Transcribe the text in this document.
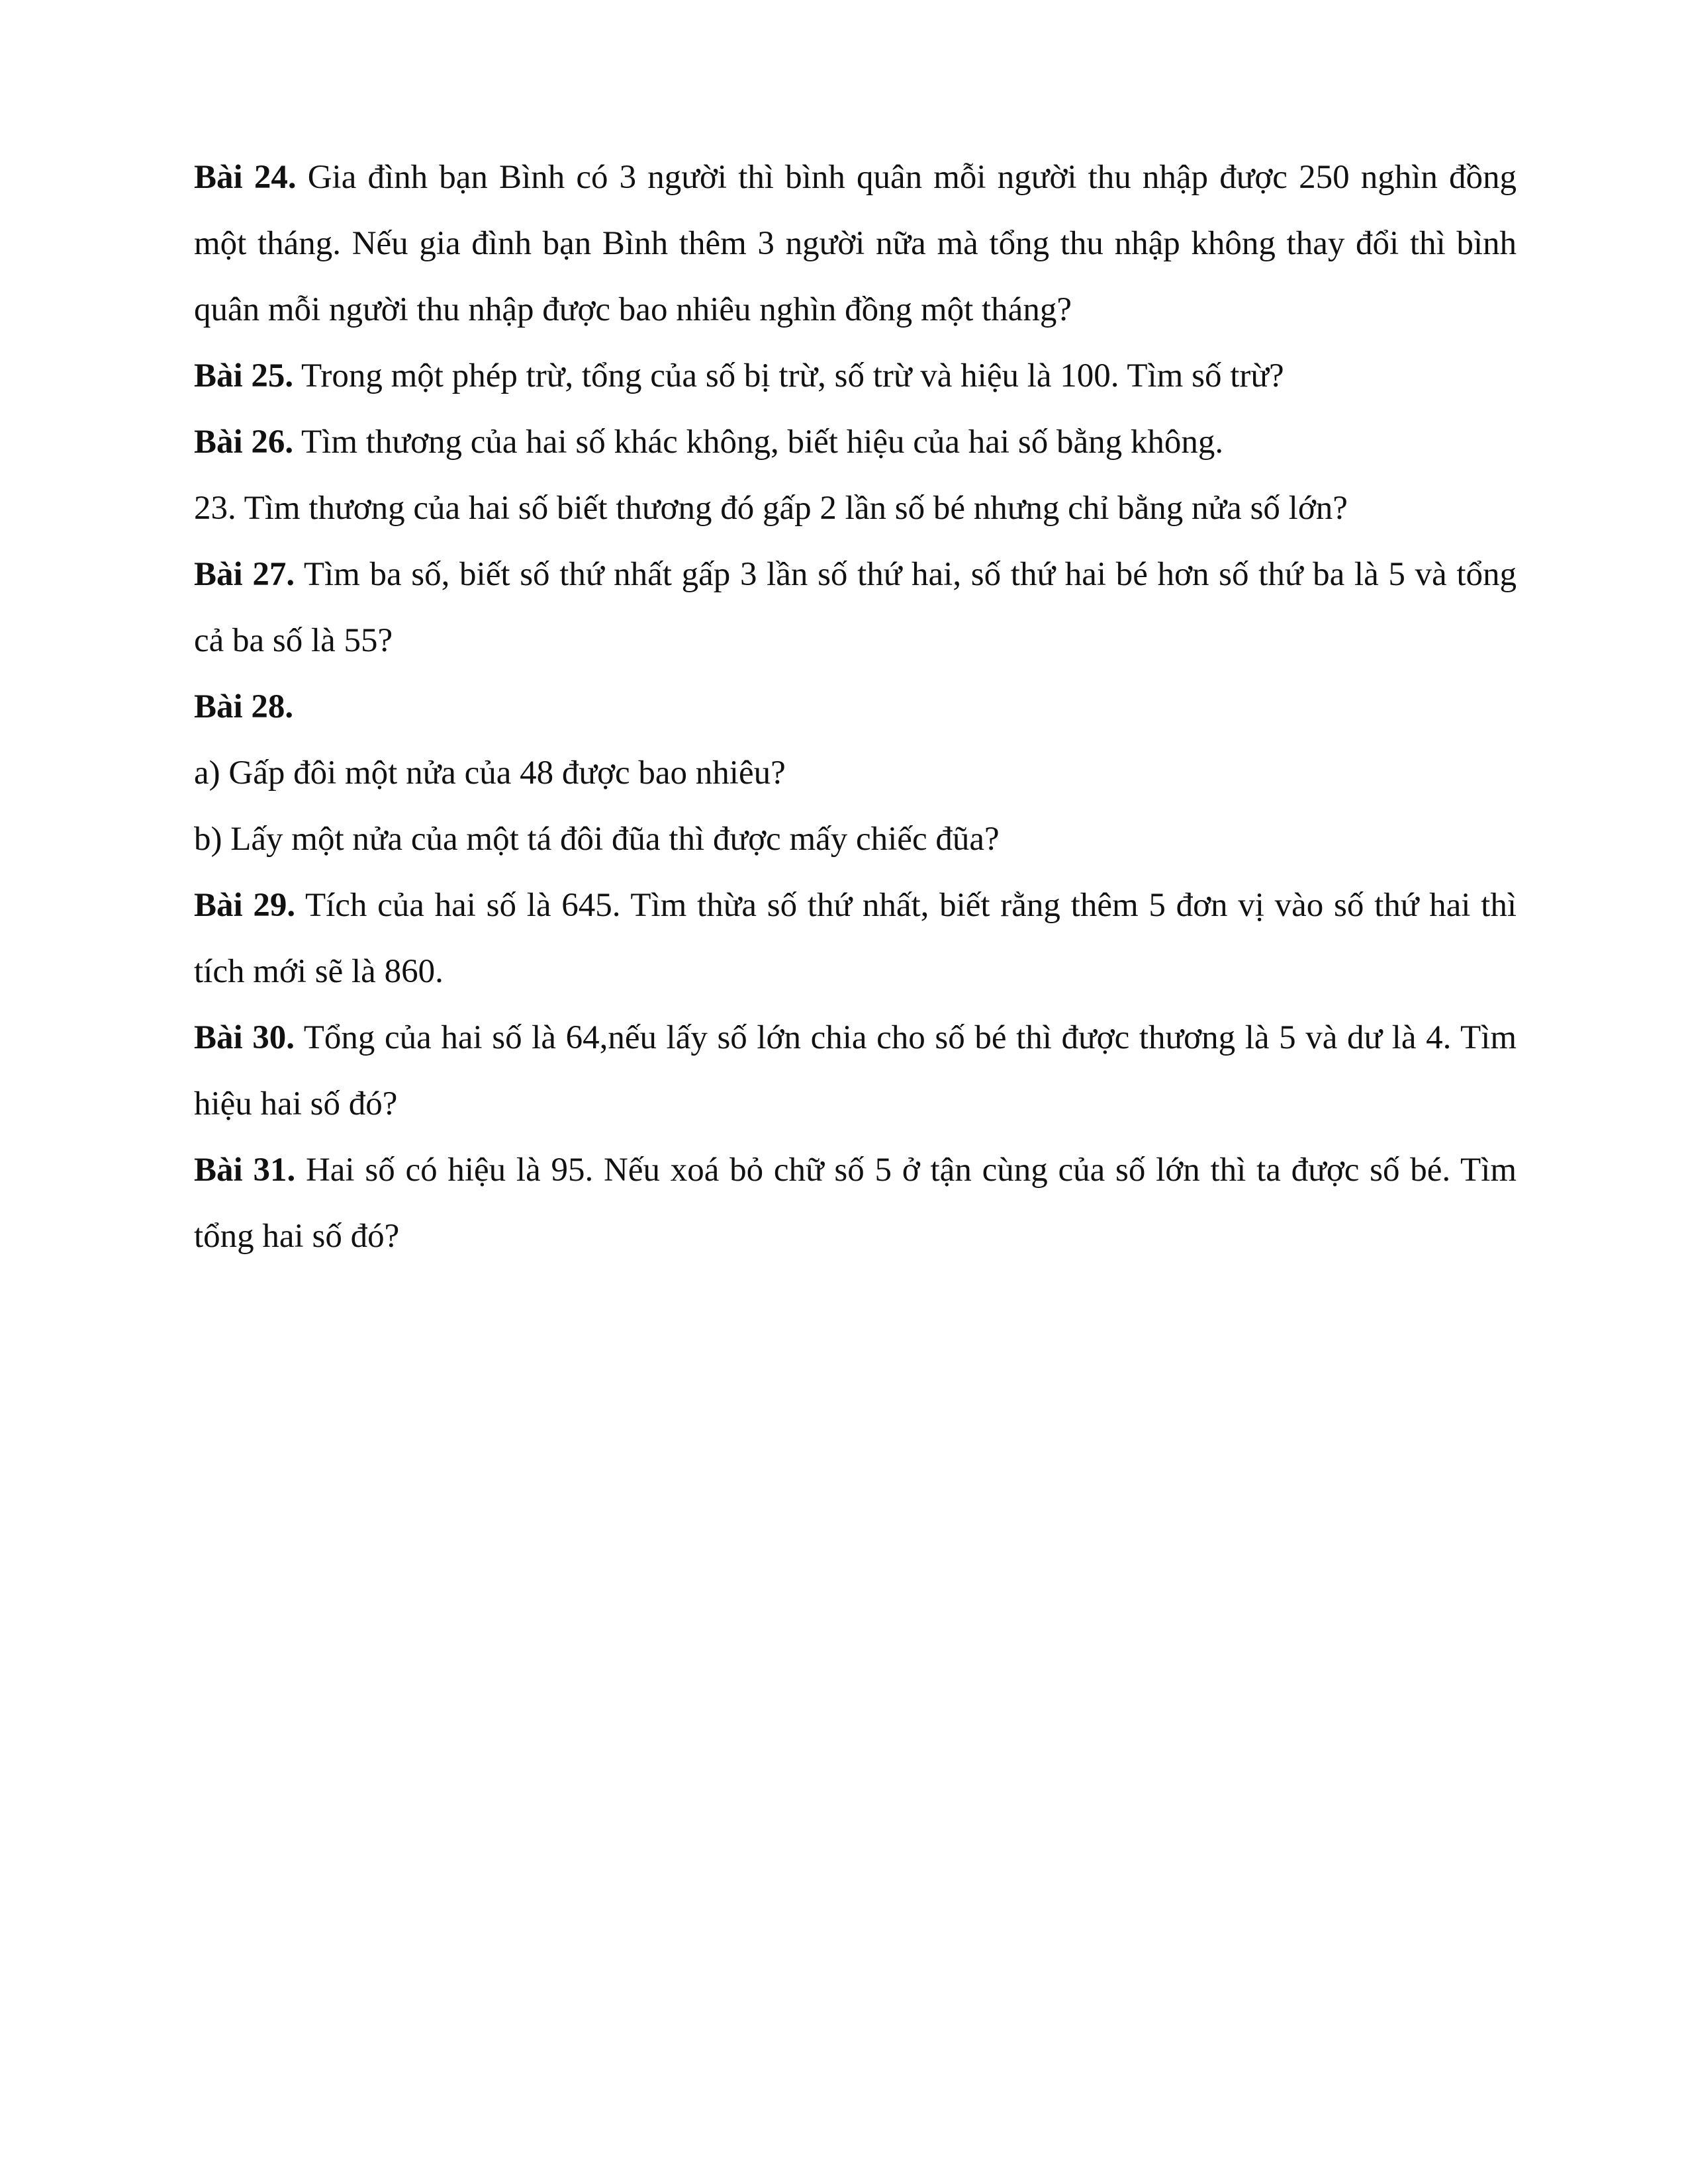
Bài 24. Gia đình bạn Bình có 3 người thì bình quân mỗi người thu nhập được 250 nghìn đồng một tháng. Nếu gia đình bạn Bình thêm 3 người nữa mà tổng thu nhập không thay đổi thì bình quân mỗi người thu nhập được bao nhiêu nghìn đồng một tháng?

Bài 25. Trong một phép trừ, tổng của số bị trừ, số trừ và hiệu là 100. Tìm số trừ?

Bài 26. Tìm thương của hai số khác không, biết hiệu của hai số bằng không.

23. Tìm thương của hai số biết thương đó gấp 2 lần số bé nhưng chỉ bằng nửa số lớn?

Bài 27. Tìm ba số, biết số thứ nhất gấp 3 lần số thứ hai, số thứ hai bé hơn số thứ ba là 5 và tổng cả ba số là 55?

Bài 28.

a) Gấp đôi một nửa của 48 được bao nhiêu?

b) Lấy một nửa của một tá đôi đũa thì được mấy chiếc đũa?

Bài 29. Tích của hai số là 645. Tìm thừa số thứ nhất, biết rằng thêm 5 đơn vị vào số thứ hai thì tích mới sẽ là 860.

Bài 30. Tổng của hai số là 64,nếu lấy số lớn chia cho số bé thì được thương là 5 và dư là 4. Tìm hiệu hai số đó?

Bài 31. Hai số có hiệu là 95. Nếu xoá bỏ chữ số 5 ở tận cùng của số lớn thì ta được số bé. Tìm tổng hai số đó?
